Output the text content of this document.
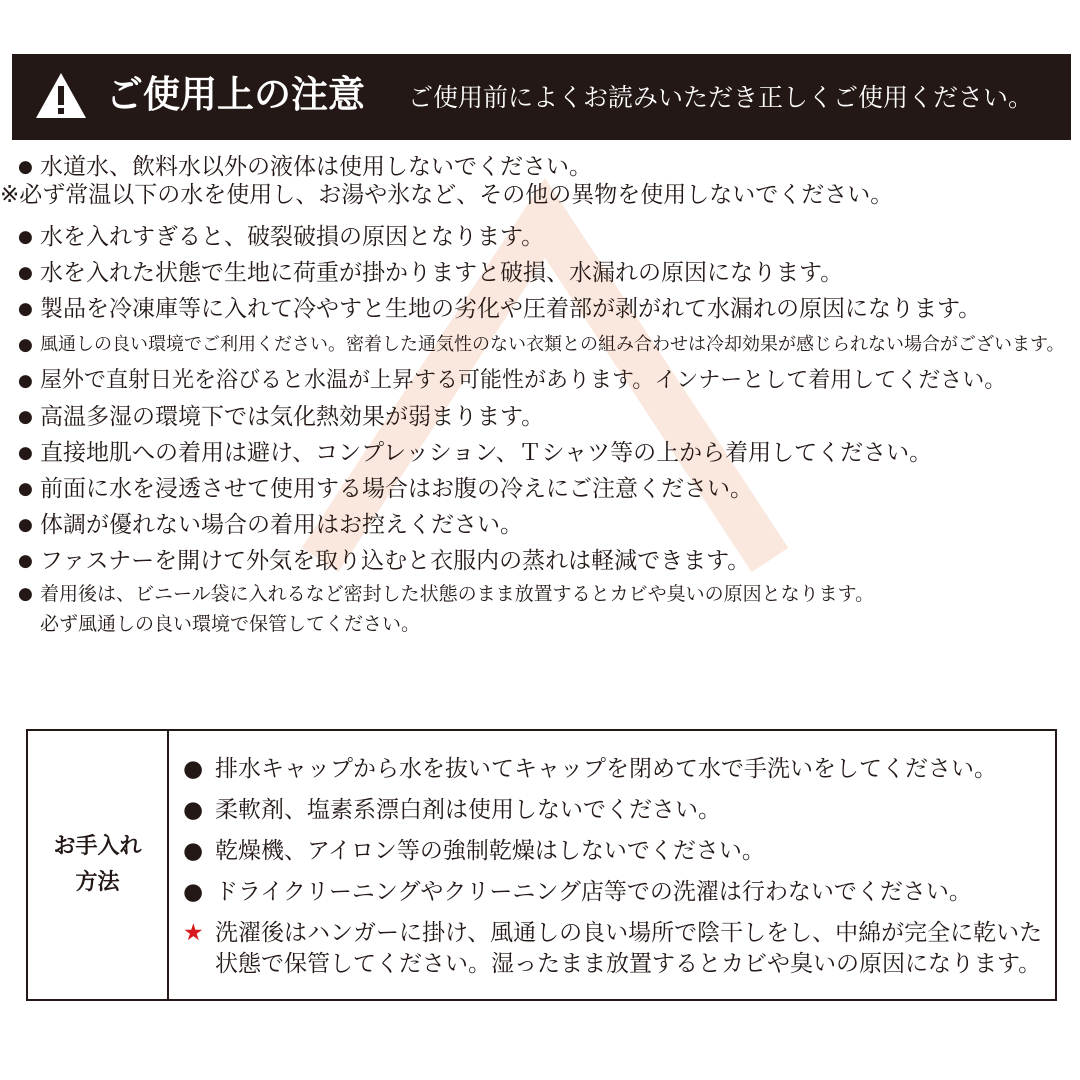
ご使用上の注意 ご使用前によくお読みいただき正しくご使用ください。
● 水道水、飲料水以外の液体は使用しないでください。
※必ず常温以下の水を使用し、お湯や氷など、その他の異物を使用しないでください。
● 水を入れすぎると、破裂破損の原因となります。
● 水を入れた状態で生地に荷重が掛かりますと破損、水漏れの原因になります。
● 製品を冷凍庫等に入れて冷やすと生地の劣化や圧着部が剥がれて水漏れの原因になります。
● 風通しの良い環境でご利用ください。密着した通気性のない衣類との組み合わせは冷却効果が感じられない場合がございます。
● 屋外で直射日光を浴びると水温が上昇する可能性があります。インナーとして着用してください。
● 高温多湿の環境下では気化熱効果が弱まります。
● 直接地肌への着用は避け、コンプレッション、Ｔシャツ等の上から着用してください。
● 前面に水を浸透させて使用する場合はお腹の冷えにご注意ください。
● 体調が優れない場合の着用はお控えください。
● ファスナーを開けて外気を取り込むと衣服内の蒸れは軽減できます。
● 着用後は、ビニール袋に入れるなど密封した状態のまま放置するとカビや臭いの原因となります。
必ず風通しの良い環境で保管してください。
お手入れ
方法
● 排水キャップから水を抜いてキャップを閉めて水で手洗いをしてください。
● 柔軟剤、塩素系漂白剤は使用しないでください。
● 乾燥機、アイロン等の強制乾燥はしないでください。
● ドライクリーニングやクリーニング店等での洗濯は行わないでください。
★ 洗濯後はハンガーに掛け、風通しの良い場所で陰干しをし、中綿が完全に乾いた
状態で保管してください。湿ったまま放置するとカビや臭いの原因になります。
